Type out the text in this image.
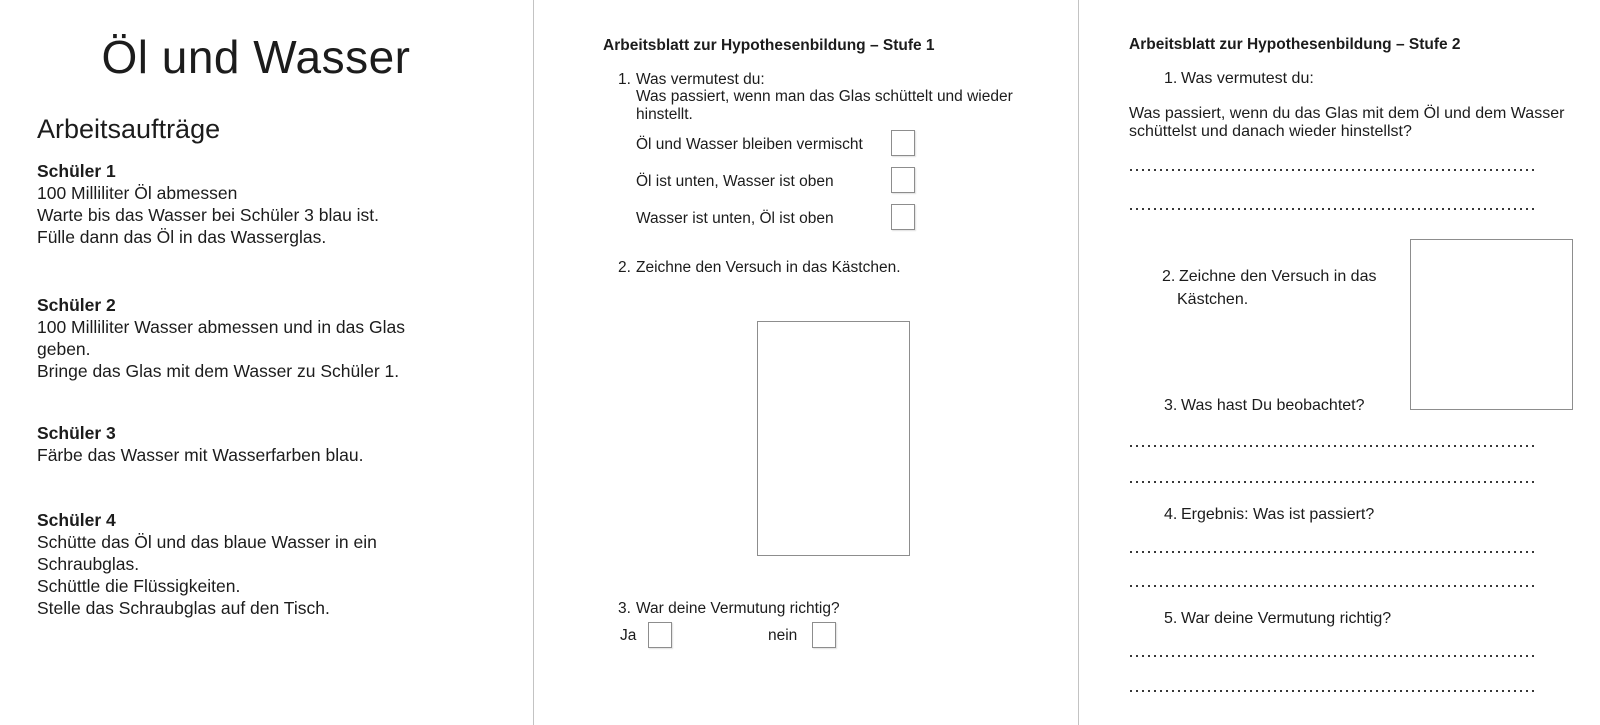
Öl und Wasser
Arbeitsaufträge
Schüler 1
100 Milliliter Öl abmessen
Warte bis das Wasser bei Schüler 3 blau ist.
Fülle dann das Öl in das Wasserglas.
Schüler 2
100 Milliliter Wasser abmessen und in das Glas
geben.
Bringe das Glas mit dem Wasser zu Schüler 1.
Schüler 3
Färbe das Wasser mit Wasserfarben blau.
Schüler 4
Schütte das Öl und das blaue Wasser in ein
Schraubglas.
Schüttle die Flüssigkeiten.
Stelle das Schraubglas auf den Tisch.
Arbeitsblatt zur Hypothesenbildung – Stufe 1
1. Was vermutest du:
Was passiert, wenn man das Glas schüttelt und wieder
hinstellt.
Öl und Wasser bleiben vermischt
Öl ist unten, Wasser ist oben
Wasser ist unten, Öl ist oben
2. Zeichne den Versuch in das Kästchen.
3. War deine Vermutung richtig?
Ja	nein
Arbeitsblatt zur Hypothesenbildung – Stufe 2
1. Was vermutest du:
Was passiert, wenn du das Glas mit dem Öl und dem Wasser
schüttelst und danach wieder hinstellst?
2. Zeichne den Versuch in das
Kästchen.
3. Was hast Du beobachtet?
4. Ergebnis: Was ist passiert?
5. War deine Vermutung richtig?
